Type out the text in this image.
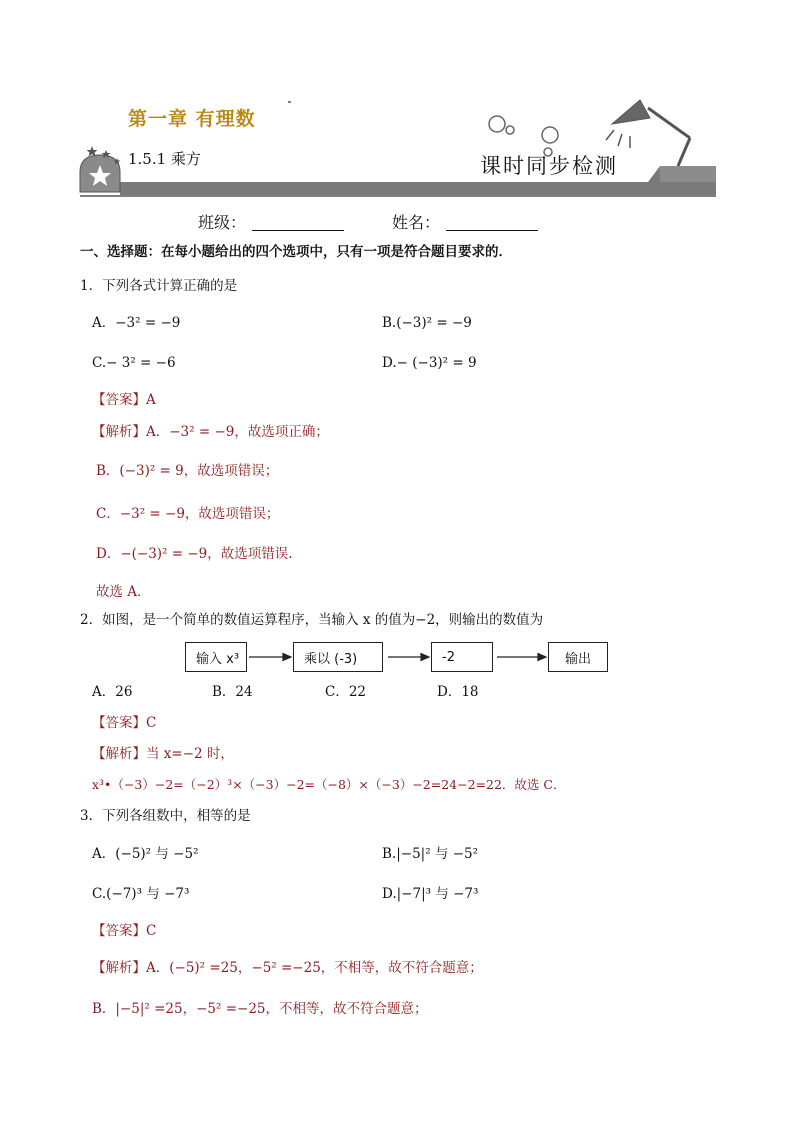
第一章 有理数
1.5.1 乘方	课时同步检测
班级：	姓名：
一、选择题：在每小题给出的四个选项中，只有一项是符合题目要求的．
1．下列各式计算正确的是
A．−3² = −9	B.(−3)² = −9
C.− 3² = −6	D.− (−3)² = 9
【答案】A
【解析】A．−3² = −9，故选项正确；
B．(−3)² = 9，故选项错误；
C．−3² = −9，故选项错误；
D．−(−3)² = −9，故选项错误.
故选 A．
2．如图，是一个简单的数值运算程序，当输入 x 的值为−2，则输出的数值为
输入 x³	乘以 (-3)	-2	输出
A．26	B．24	C．22	D．18
【答案】C
【解析】当 x=−2 时，
x³•（−3）−2=（−2）³×（−3）−2=（−8）×（−3）−2=24−2=22．故选 C．
3．下列各组数中，相等的是
A．(−5)² 与 −5²	B.|−5|² 与 −5²
C.(−7)³ 与 −7³	D.|−7|³ 与 −7³
【答案】C
【解析】A．(−5)² =25，−5² =−25，不相等，故不符合题意；
B．|−5|² =25，−5² =−25，不相等，故不符合题意；
